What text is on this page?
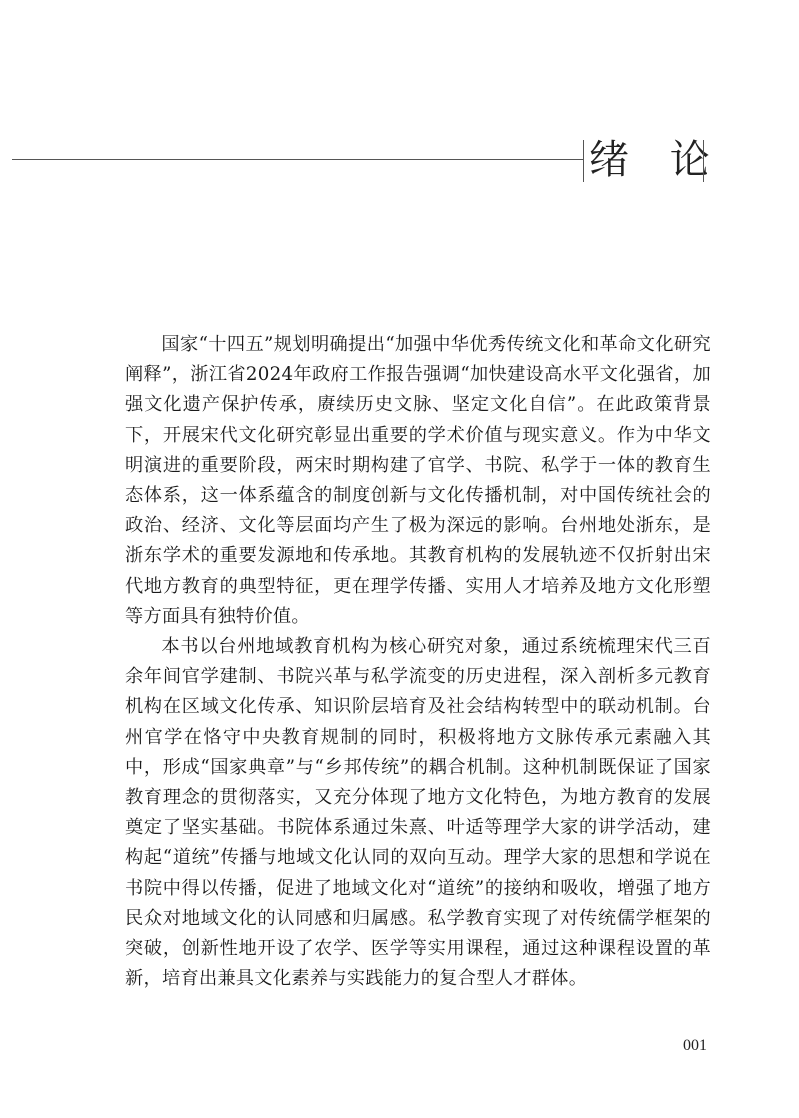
绪 论

国家“十四五”规划明确提出“加强中华优秀传统文化和革命文化研究阐释”，浙江省2024年政府工作报告强调“加快建设高水平文化强省，加强文化遗产保护传承，赓续历史文脉、坚定文化自信”。在此政策背景下，开展宋代文化研究彰显出重要的学术价值与现实意义。作为中华文明演进的重要阶段，两宋时期构建了官学、书院、私学于一体的教育生态体系，这一体系蕴含的制度创新与文化传播机制，对中国传统社会的政治、经济、文化等层面均产生了极为深远的影响。台州地处浙东，是浙东学术的重要发源地和传承地。其教育机构的发展轨迹不仅折射出宋代地方教育的典型特征，更在理学传播、实用人才培养及地方文化形塑等方面具有独特价值。

本书以台州地域教育机构为核心研究对象，通过系统梳理宋代三百余年间官学建制、书院兴革与私学流变的历史进程，深入剖析多元教育机构在区域文化传承、知识阶层培育及社会结构转型中的联动机制。台州官学在恪守中央教育规制的同时，积极将地方文脉传承元素融入其中，形成“国家典章”与“乡邦传统”的耦合机制。这种机制既保证了国家教育理念的贯彻落实，又充分体现了地方文化特色，为地方教育的发展奠定了坚实基础。书院体系通过朱熹、叶适等理学大家的讲学活动，建构起“道统”传播与地域文化认同的双向互动。理学大家的思想和学说在书院中得以传播，促进了地域文化对“道统”的接纳和吸收，增强了地方民众对地域文化的认同感和归属感。私学教育实现了对传统儒学框架的突破，创新性地开设了农学、医学等实用课程，通过这种课程设置的革新，培育出兼具文化素养与实践能力的复合型人才群体。

001
